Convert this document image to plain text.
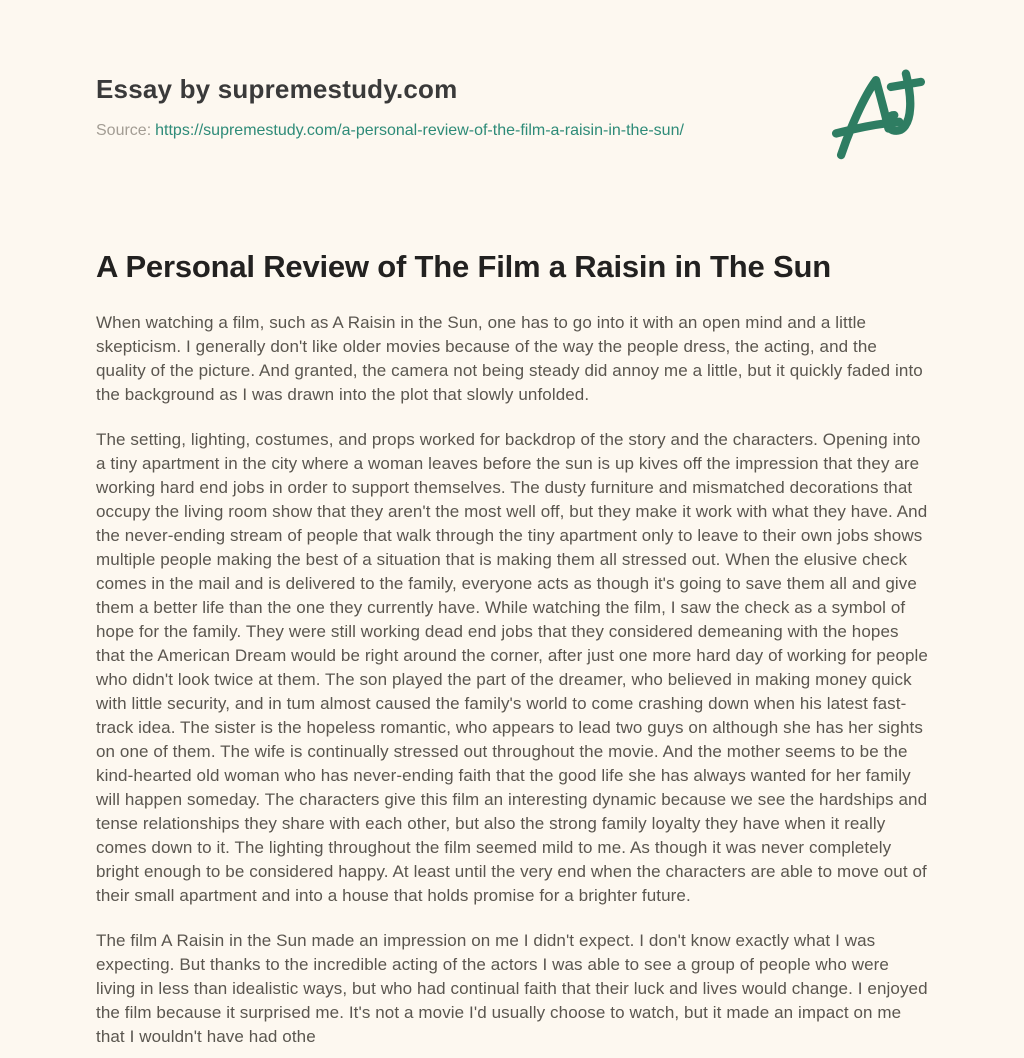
Essay by supremestudy.com
Source: https://supremestudy.com/a-personal-review-of-the-film-a-raisin-in-the-sun/
A Personal Review of The Film a Raisin in The Sun

When watching a film, such as A Raisin in the Sun, one has to go into it with an open mind and a little skepticism. I generally don't like older movies because of the way the people dress, the acting, and the quality of the picture. And granted, the camera not being steady did annoy me a little, but it quickly faded into the background as I was drawn into the plot that slowly unfolded.

The setting, lighting, costumes, and props worked for backdrop of the story and the characters. Opening into a tiny apartment in the city where a woman leaves before the sun is up kives off the impression that they are working hard end jobs in order to support themselves. The dusty furniture and mismatched decorations that occupy the living room show that they aren't the most well off, but they make it work with what they have. And the never-ending stream of people that walk through the tiny apartment only to leave to their own jobs shows multiple people making the best of a situation that is making them all stressed out. When the elusive check comes in the mail and is delivered to the family, everyone acts as though it's going to save them all and give them a better life than the one they currently have. While watching the film, I saw the check as a symbol of hope for the family. They were still working dead end jobs that they considered demeaning with the hopes that the American Dream would be right around the corner, after just one more hard day of working for people who didn't look twice at them. The son played the part of the dreamer, who believed in making money quick with little security, and in tum almost caused the family's world to come crashing down when his latest fast-track idea. The sister is the hopeless romantic, who appears to lead two guys on although she has her sights on one of them. The wife is continually stressed out throughout the movie. And the mother seems to be the kind-hearted old woman who has never-ending faith that the good life she has always wanted for her family will happen someday. The characters give this film an interesting dynamic because we see the hardships and tense relationships they share with each other, but also the strong family loyalty they have when it really comes down to it. The lighting throughout the film seemed mild to me. As though it was never completely bright enough to be considered happy. At least until the very end when the characters are able to move out of their small apartment and into a house that holds promise for a brighter future.

The film A Raisin in the Sun made an impression on me I didn't expect. I don't know exactly what I was expecting. But thanks to the incredible acting of the actors I was able to see a group of people who were living in less than idealistic ways, but who had continual faith that their luck and lives would change. I enjoyed the film because it surprised me. It's not a movie I'd usually choose to watch, but it made an impact on me that I wouldn't have had othe
